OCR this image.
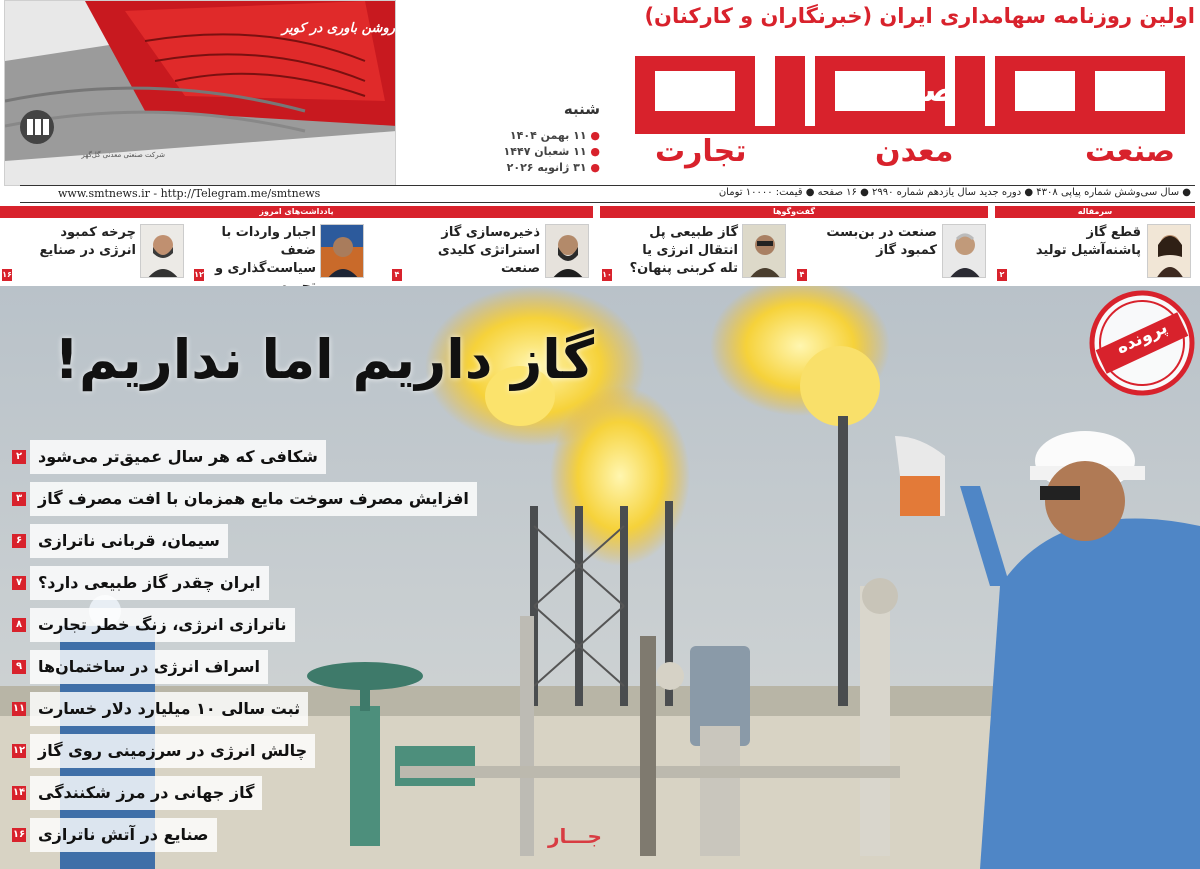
روشن باوری در کویر
شرکت صنعتی معدنی گل‌گهر
اولین روزنامه سهامداری ایران (خبرنگاران و کارکنان)
صنعت
معدن
تجارت
صمت
شنبه
● ۱۱ بهمن ۱۴۰۴
● ۱۱ شعبان ۱۴۴۷
● ۳۱ ژانویه ۲۰۲۶
www.smtnews.ir - http://Telegram.me/smtnews	● سال سی‌وشش شماره پیاپی ۴۳۰۸ ● دوره جدید سال یازدهم شماره ۲۹۹۰ ● ۱۶ صفحه ● قیمت: ۱۰۰۰۰ تومان
سرمقاله
گفت‌وگوها
یادداشت‌های امروز
قطع گاز پاشنه‌آشیل تولید
۲
صنعت در بن‌بست کمبود گاز
۴
گاز طبیعی پل انتقال انرژی یا تله کربنی پنهان؟
۱۰
ذخیره‌سازی گاز استراتژی کلیدی صنعت
۴
اجبار واردات با ضعف سیاست‌گذاری و
۱۲
چرخه کمبود انرژی در صنایع
۱۶
گاز داریم اما نداریم!	پرونده
۲ شکافی که هر سال عمیق‌تر می‌شود
۳ افزایش مصرف سوخت مایع همزمان با افت مصرف گاز
۶ سیمان، قربانی ناترازی
۷ ایران چقدر گاز طبیعی دارد؟
۸ ناترازی انرژی، زنگ خطر تجارت
۹ اسراف انرژی در ساختمان‌ها
۱۱ ثبت سالی ۱۰ میلیارد دلار خسارت
۱۲ چالش انرژی در سرزمینی روی گاز
۱۴ گاز جهانی در مرز شکنندگی
۱۶ صنایع در آتش ناترازی	جـــار
